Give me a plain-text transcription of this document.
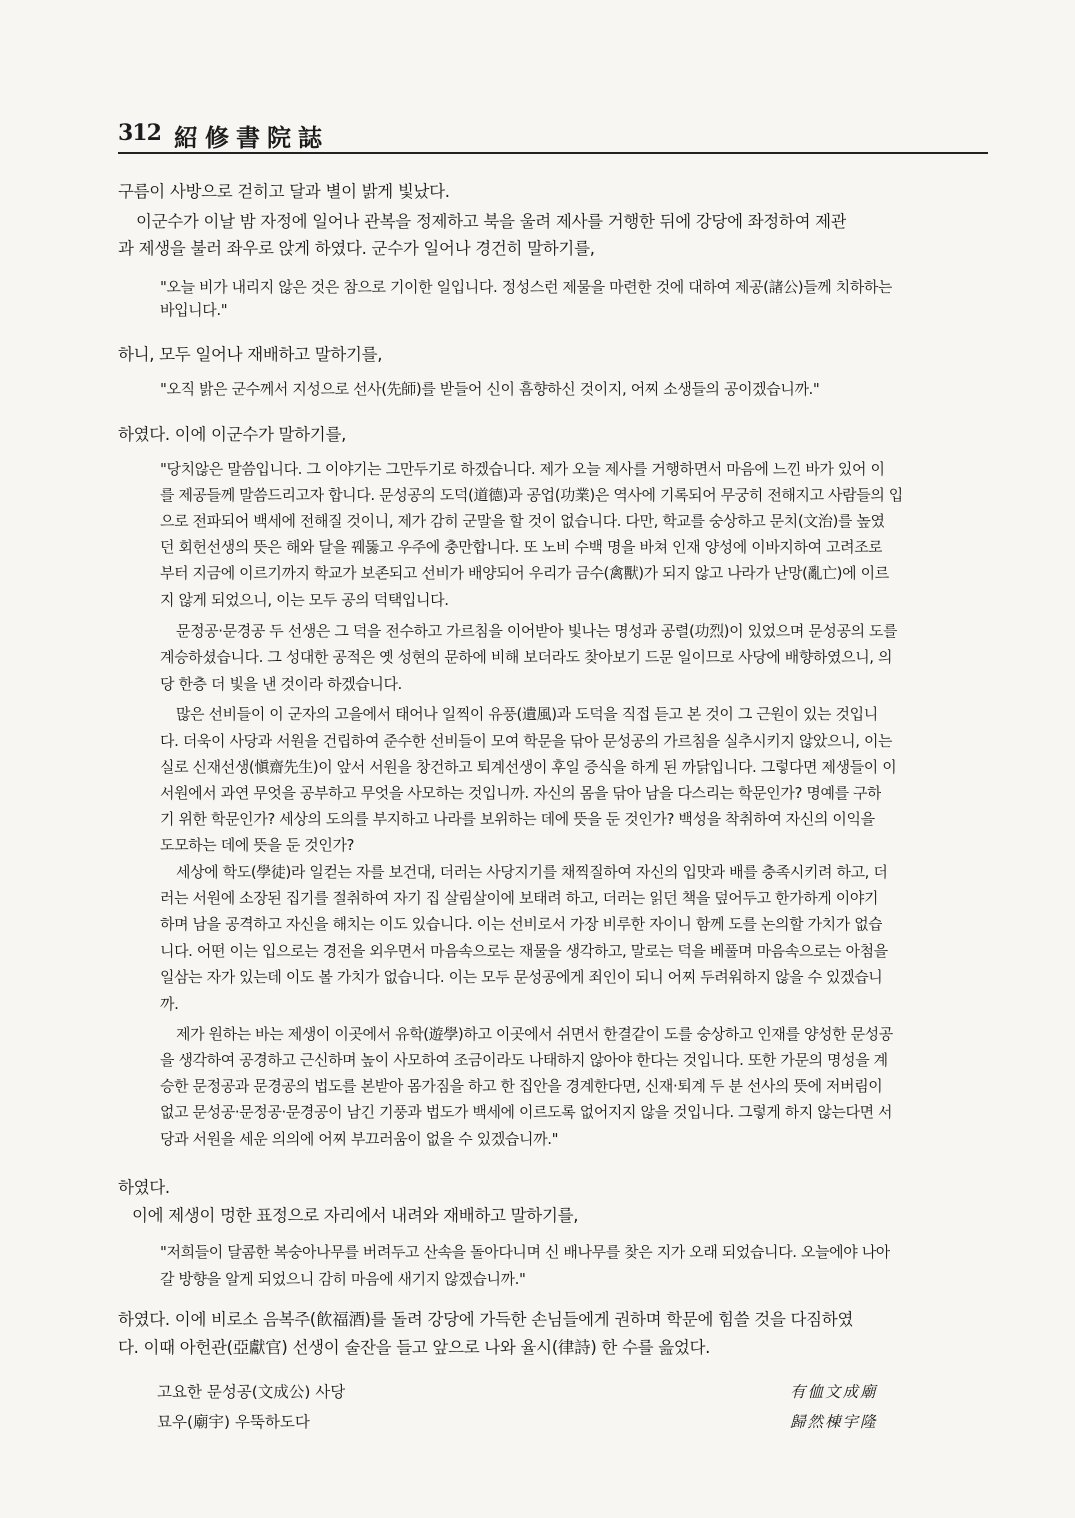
312 紹修書院誌

구름이 사방으로 걷히고 달과 별이 밝게 빛났다.

이군수가 이날 밤 자정에 일어나 관복을 정제하고 북을 울려 제사를 거행한 뒤에 강당에 좌정하여 제관

과 제생을 불러 좌우로 앉게 하였다. 군수가 일어나 경건히 말하기를,

"오늘 비가 내리지 않은 것은 참으로 기이한 일입니다. 정성스런 제물을 마련한 것에 대하여 제공(諸公)들께 치하하는

바입니다."

하니, 모두 일어나 재배하고 말하기를,

"오직 밝은 군수께서 지성으로 선사(先師)를 받들어 신이 흠향하신 것이지, 어찌 소생들의 공이겠습니까."

하였다. 이에 이군수가 말하기를,

"당치않은 말씀입니다. 그 이야기는 그만두기로 하겠습니다. 제가 오늘 제사를 거행하면서 마음에 느낀 바가 있어 이

를 제공들께 말씀드리고자 합니다. 문성공의 도덕(道德)과 공업(功業)은 역사에 기록되어 무궁히 전해지고 사람들의 입

으로 전파되어 백세에 전해질 것이니, 제가 감히 군말을 할 것이 없습니다. 다만, 학교를 숭상하고 문치(文治)를 높였

던 회헌선생의 뜻은 해와 달을 꿰뚫고 우주에 충만합니다. 또 노비 수백 명을 바쳐 인재 양성에 이바지하여 고려조로

부터 지금에 이르기까지 학교가 보존되고 선비가 배양되어 우리가 금수(禽獸)가 되지 않고 나라가 난망(亂亡)에 이르

지 않게 되었으니, 이는 모두 공의 덕택입니다.

문정공·문경공 두 선생은 그 덕을 전수하고 가르침을 이어받아 빛나는 명성과 공렬(功烈)이 있었으며 문성공의 도를

계승하셨습니다. 그 성대한 공적은 옛 성현의 문하에 비해 보더라도 찾아보기 드문 일이므로 사당에 배향하였으니, 의

당 한층 더 빛을 낸 것이라 하겠습니다.

많은 선비들이 이 군자의 고을에서 태어나 일찍이 유풍(遺風)과 도덕을 직접 듣고 본 것이 그 근원이 있는 것입니

다. 더욱이 사당과 서원을 건립하여 준수한 선비들이 모여 학문을 닦아 문성공의 가르침을 실추시키지 않았으니, 이는

실로 신재선생(愼齋先生)이 앞서 서원을 창건하고 퇴계선생이 후일 증식을 하게 된 까닭입니다. 그렇다면 제생들이 이

서원에서 과연 무엇을 공부하고 무엇을 사모하는 것입니까. 자신의 몸을 닦아 남을 다스리는 학문인가? 명예를 구하

기 위한 학문인가? 세상의 도의를 부지하고 나라를 보위하는 데에 뜻을 둔 것인가? 백성을 착취하여 자신의 이익을

도모하는 데에 뜻을 둔 것인가?

세상에 학도(學徒)라 일컫는 자를 보건대, 더러는 사당지기를 채찍질하여 자신의 입맛과 배를 충족시키려 하고, 더

러는 서원에 소장된 집기를 절취하여 자기 집 살림살이에 보태려 하고, 더러는 읽던 책을 덮어두고 한가하게 이야기

하며 남을 공격하고 자신을 해치는 이도 있습니다. 이는 선비로서 가장 비루한 자이니 함께 도를 논의할 가치가 없습

니다. 어떤 이는 입으로는 경전을 외우면서 마음속으로는 재물을 생각하고, 말로는 덕을 베풀며 마음속으로는 아첨을

일삼는 자가 있는데 이도 볼 가치가 없습니다. 이는 모두 문성공에게 죄인이 되니 어찌 두려워하지 않을 수 있겠습니

까.

제가 원하는 바는 제생이 이곳에서 유학(遊學)하고 이곳에서 쉬면서 한결같이 도를 숭상하고 인재를 양성한 문성공

을 생각하여 공경하고 근신하며 높이 사모하여 조금이라도 나태하지 않아야 한다는 것입니다. 또한 가문의 명성을 계

승한 문정공과 문경공의 법도를 본받아 몸가짐을 하고 한 집안을 경계한다면, 신재·퇴계 두 분 선사의 뜻에 저버림이

없고 문성공·문정공·문경공이 남긴 기풍과 법도가 백세에 이르도록 없어지지 않을 것입니다. 그렇게 하지 않는다면 서

당과 서원을 세운 의의에 어찌 부끄러움이 없을 수 있겠습니까."

하였다.

이에 제생이 멍한 표정으로 자리에서 내려와 재배하고 말하기를,

"저희들이 달콤한 복숭아나무를 버려두고 산속을 돌아다니며 신 배나무를 찾은 지가 오래 되었습니다. 오늘에야 나아

갈 방향을 알게 되었으니 감히 마음에 새기지 않겠습니까."

하였다. 이에 비로소 음복주(飮福酒)를 돌려 강당에 가득한 손님들에게 권하며 학문에 힘쓸 것을 다짐하였

다. 이때 아헌관(亞獻官) 선생이 술잔을 들고 앞으로 나와 율시(律詩) 한 수를 읊었다.

고요한 문성공(文成公) 사당
묘우(廟宇) 우뚝하도다
有侐文成廟
歸然棟宇隆
